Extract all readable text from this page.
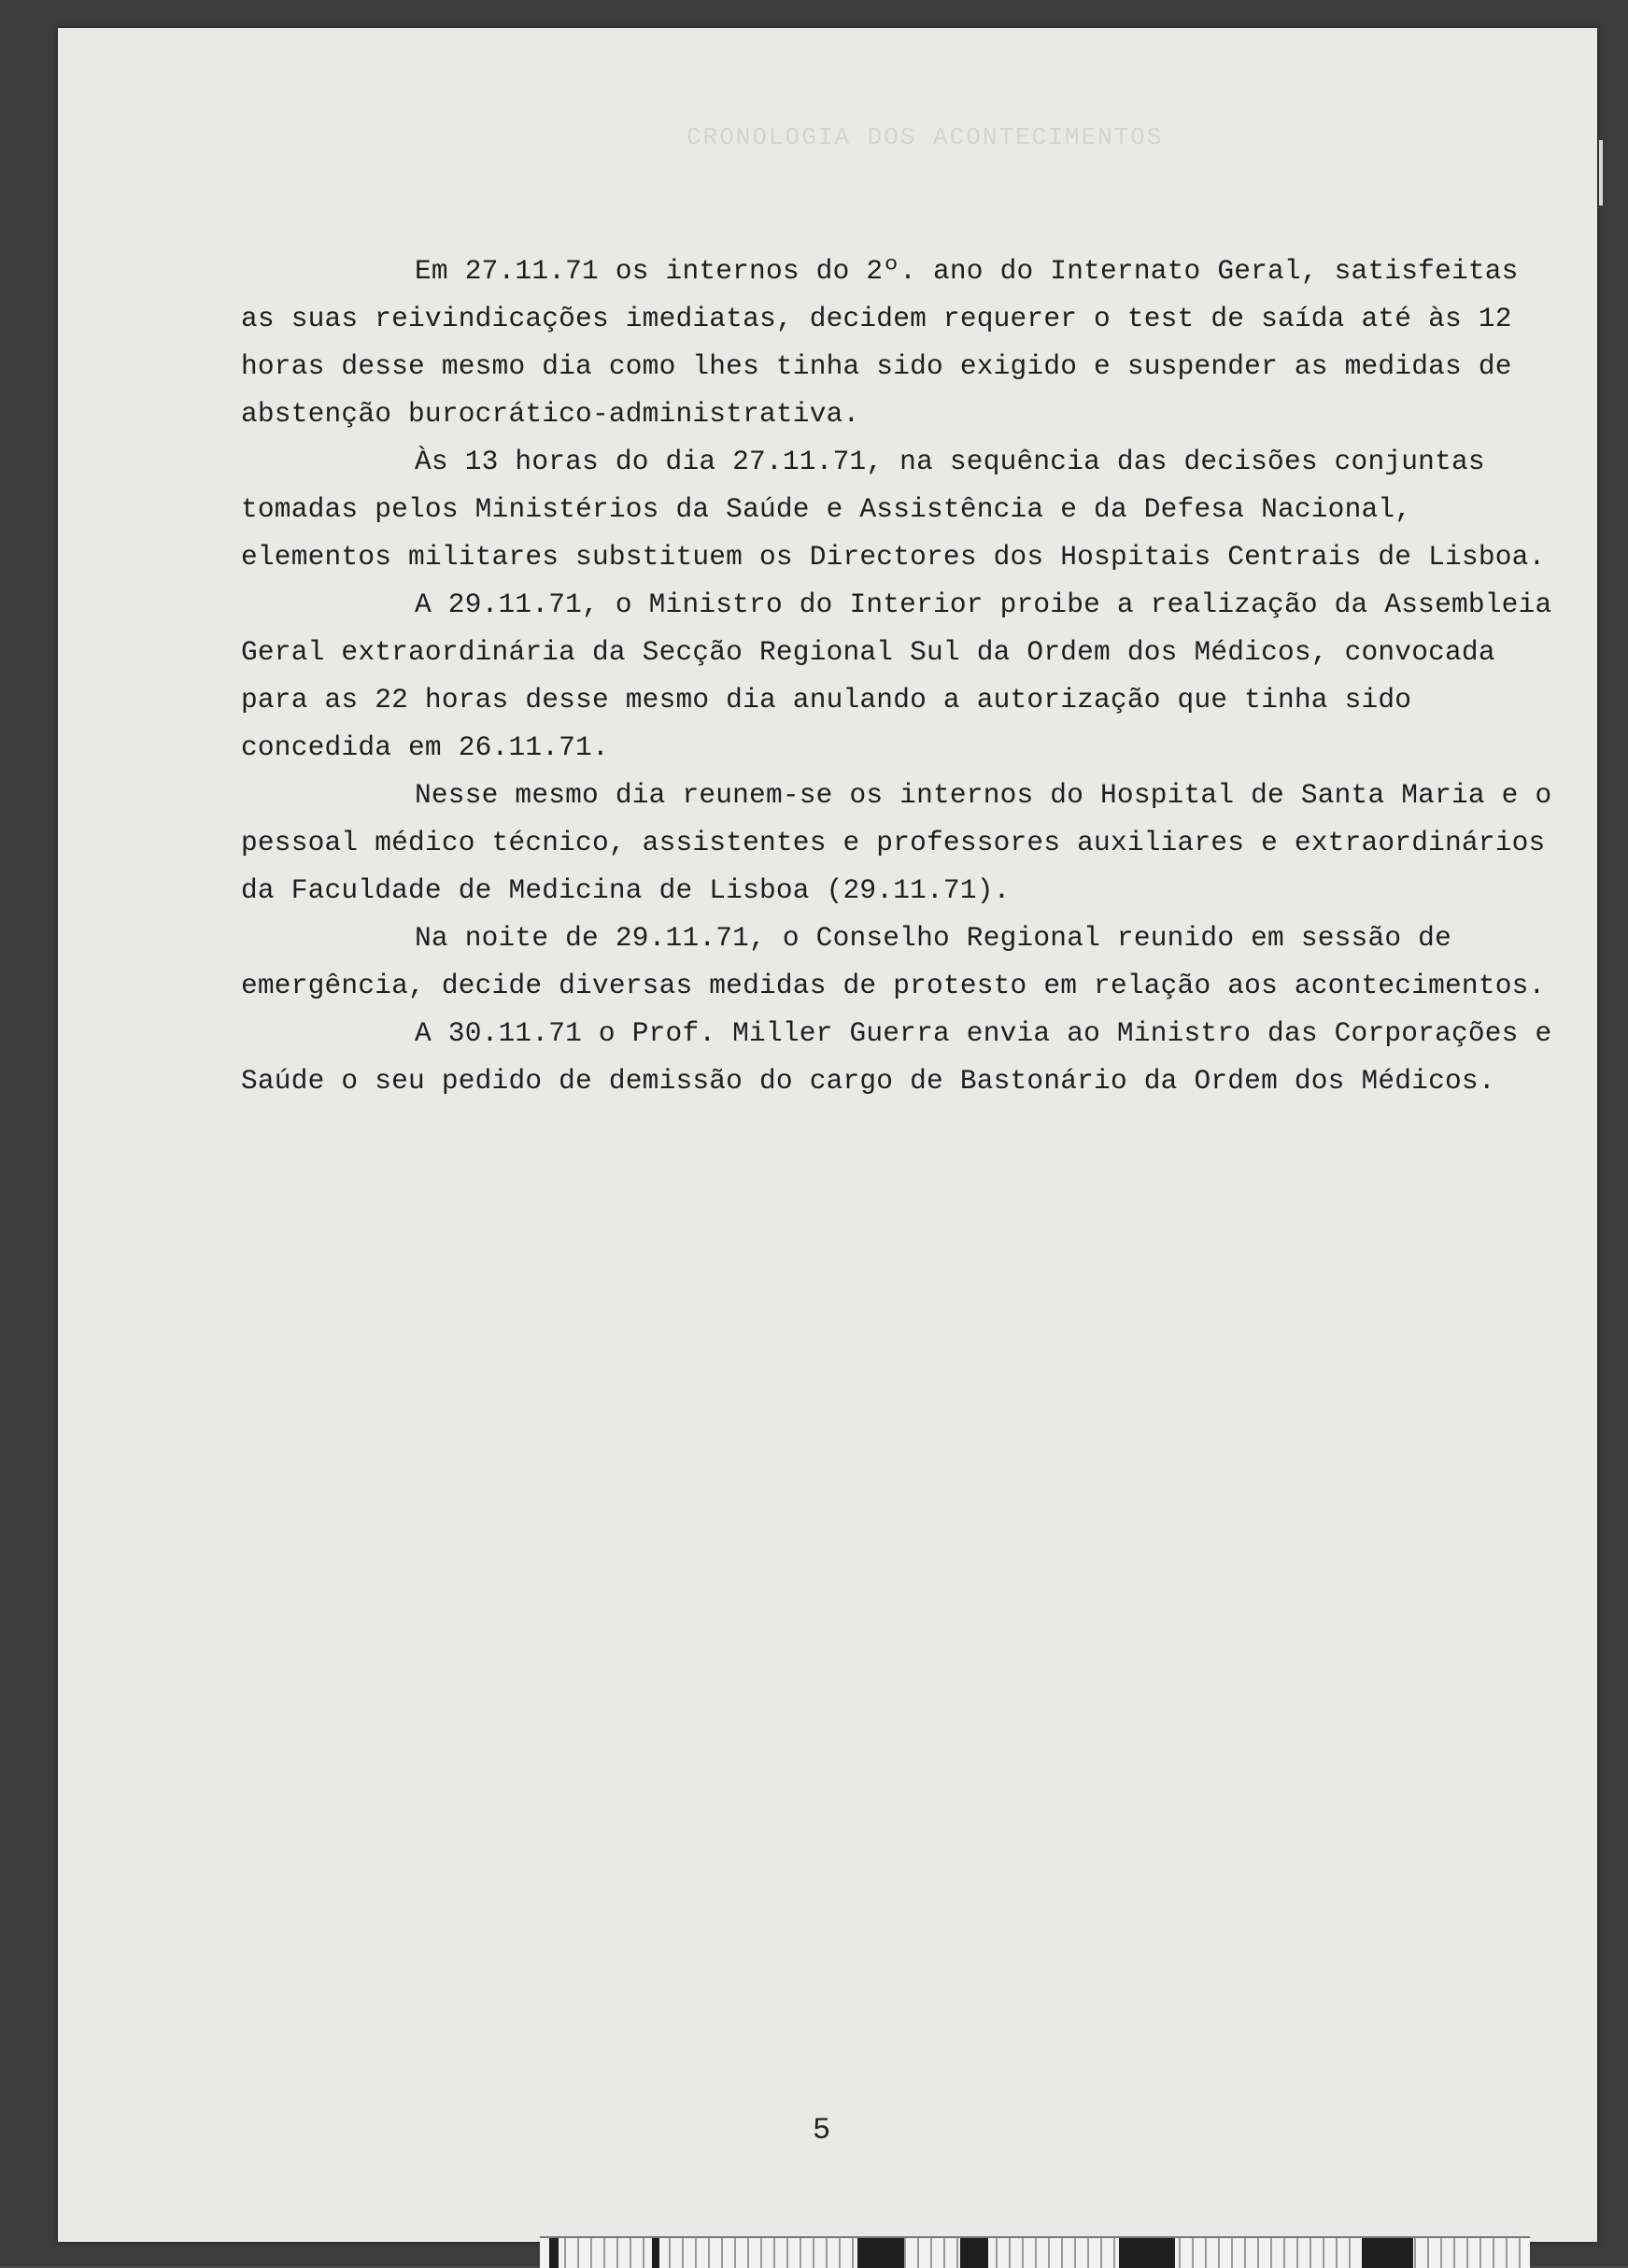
CRONOLOGIA DOS ACONTECIMENTOS

Em 27.11.71 os internos do 2º. ano do Internato Geral, satisfeitas as suas reivindicações imediatas, decidem requerer o test de saída até às 12 horas desse mesmo dia como lhes tinha sido exigido e suspender as medidas de abstenção burocrático-administrativa.

Às 13 horas do dia 27.11.71, na sequência das decisões conjuntas tomadas pelos Ministérios da Saúde e Assistência e da Defesa Nacional, elementos militares substituem os Directores dos Hospitais Centrais de Lisboa.

A 29.11.71, o Ministro do Interior proibe a realização da Assembleia Geral extraordinária da Secção Regional Sul da Ordem dos Médicos, convocada para as 22 horas desse mesmo dia anulando a autorização que tinha sido concedida em 26.11.71.

Nesse mesmo dia reunem-se os internos do Hospital de Santa Maria e o pessoal médico técnico, assistentes e professores auxiliares e extraordinários da Faculdade de Medicina de Lisboa (29.11.71).

Na noite de 29.11.71, o Conselho Regional reunido em sessão de emergência, decide diversas medidas de protesto em relação aos acontecimentos.

A 30.11.71 o Prof. Miller Guerra envia ao Ministro das Corporações e Saúde o seu pedido de demissão do cargo de Bastonário da Ordem dos Médicos.

5
